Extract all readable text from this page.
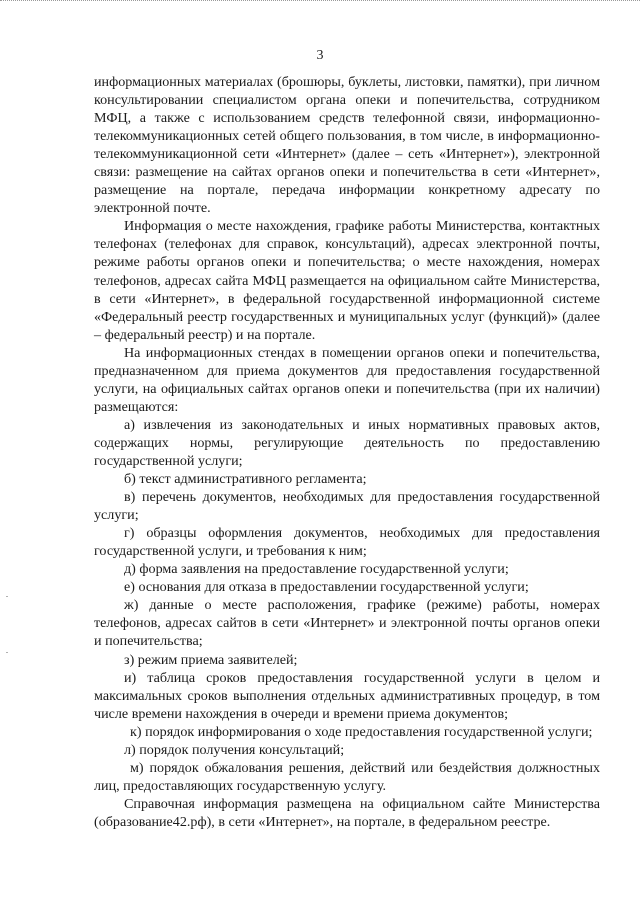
3

информационных материалах (брошюры, буклеты, листовки, памятки), при личном консультировании специалистом органа опеки и попечительства, сотрудником МФЦ, а также с использованием средств телефонной связи, информационно-телекоммуникационных сетей общего пользования, в том числе, в информационно-телекоммуникационной сети «Интернет» (далее – сеть «Интернет»), электронной связи: размещение на сайтах органов опеки и попечительства в сети «Интернет», размещение на портале, передача информации конкретному адресату по электронной почте.

Информация о месте нахождения, графике работы Министерства, контактных телефонах (телефонах для справок, консультаций), адресах электронной почты, режиме работы органов опеки и попечительства; о месте нахождения, номерах телефонов, адресах сайта МФЦ размещается на официальном сайте Министерства, в сети «Интернет», в федеральной государственной информационной системе «Федеральный реестр государственных и муниципальных услуг (функций)» (далее – федеральный реестр) и на портале.

На информационных стендах в помещении органов опеки и попечительства, предназначенном для приема документов для предоставления государственной услуги, на официальных сайтах органов опеки и попечительства (при их наличии) размещаются:

а) извлечения из законодательных и иных нормативных правовых актов, содержащих нормы, регулирующие деятельность по предоставлению государственной услуги;

б) текст административного регламента;

в) перечень документов, необходимых для предоставления государственной услуги;

г) образцы оформления документов, необходимых для предоставления государственной услуги, и требования к ним;

д) форма заявления на предоставление государственной услуги;

е) основания для отказа в предоставлении государственной услуги;

ж) данные о месте расположения, графике (режиме) работы, номерах телефонов, адресах сайтов в сети «Интернет» и электронной почты органов опеки и попечительства;

з) режим приема заявителей;

и) таблица сроков предоставления государственной услуги в целом и максимальных сроков выполнения отдельных административных процедур, в том числе времени нахождения в очереди и времени приема документов;

к) порядок информирования о ходе предоставления государственной услуги;

л) порядок получения консультаций;

м) порядок обжалования решения, действий или бездействия должностных лиц, предоставляющих государственную услугу.

Справочная информация размещена на официальном сайте Министерства (образование42.рф), в сети «Интернет», на портале, в федеральном реестре.
